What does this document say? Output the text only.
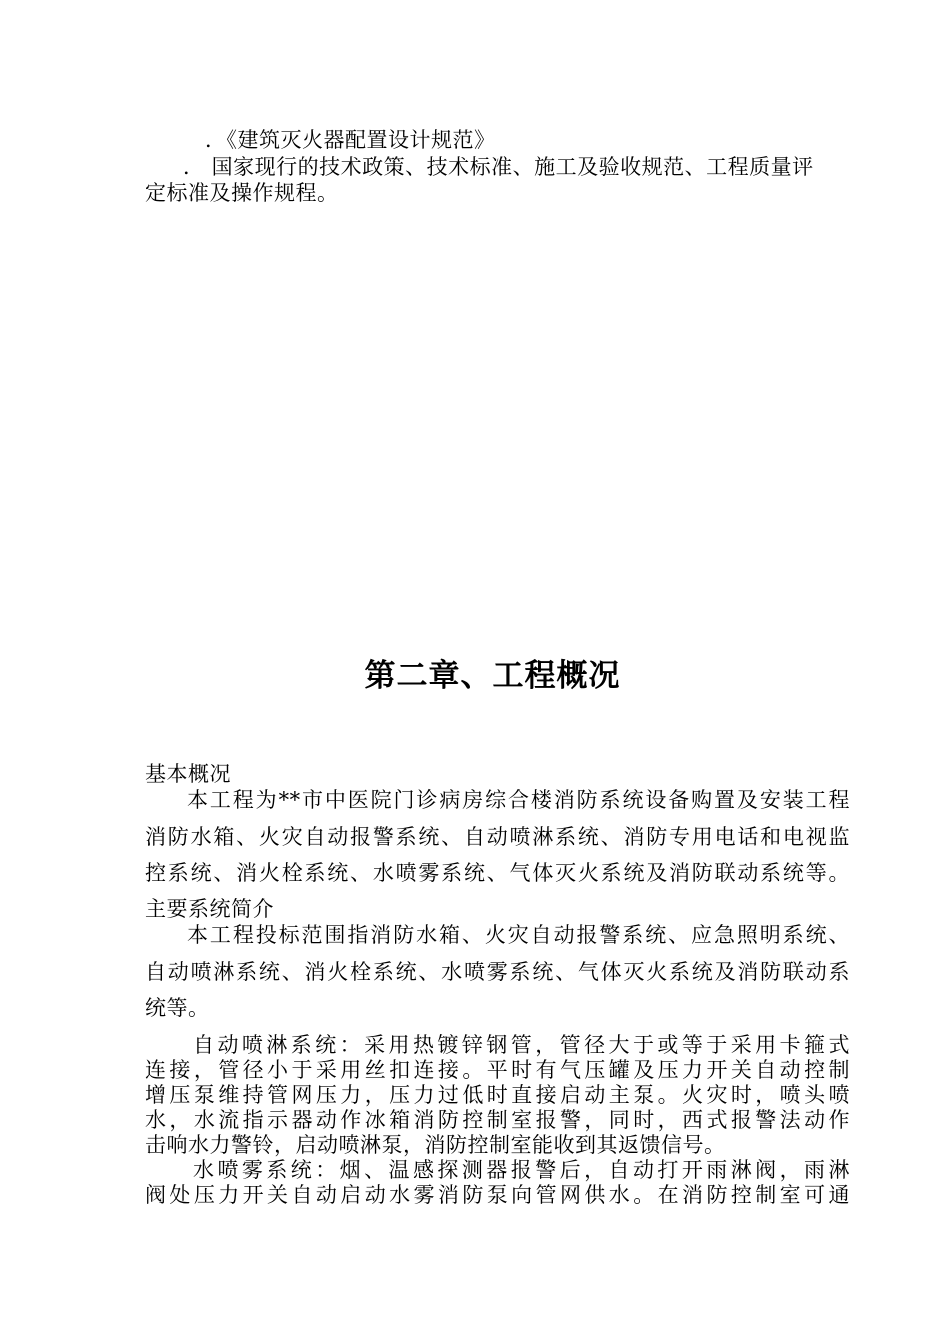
．《建筑灭火器配置设计规范》

． 国家现行的技术政策、技术标准、施工及验收规范、工程质量评

定标准及操作规程。

第二章、工程概况

基本概况

本工程为**市中医院门诊病房综合楼消防系统设备购置及安装工程

消防水箱、火灾自动报警系统、自动喷淋系统、消防专用电话和电视监

控系统、消火栓系统、水喷雾系统、气体灭火系统及消防联动系统等。

主要系统简介

本工程投标范围指消防水箱、火灾自动报警系统、应急照明系统、

自动喷淋系统、消火栓系统、水喷雾系统、气体灭火系统及消防联动系

统等。

自动喷淋系统：采用热镀锌钢管，管径大于或等于采用卡箍式

连接，管径小于采用丝扣连接。平时有气压罐及压力开关自动控制

增压泵维持管网压力，压力过低时直接启动主泵。火灾时，喷头喷

水，水流指示器动作冰箱消防控制室报警，同时，西式报警法动作

击响水力警铃，启动喷淋泵，消防控制室能收到其返馈信号。

水喷雾系统：烟、温感探测器报警后，自动打开雨淋阀，雨淋

阀处压力开关自动启动水雾消防泵向管网供水。在消防控制室可通
